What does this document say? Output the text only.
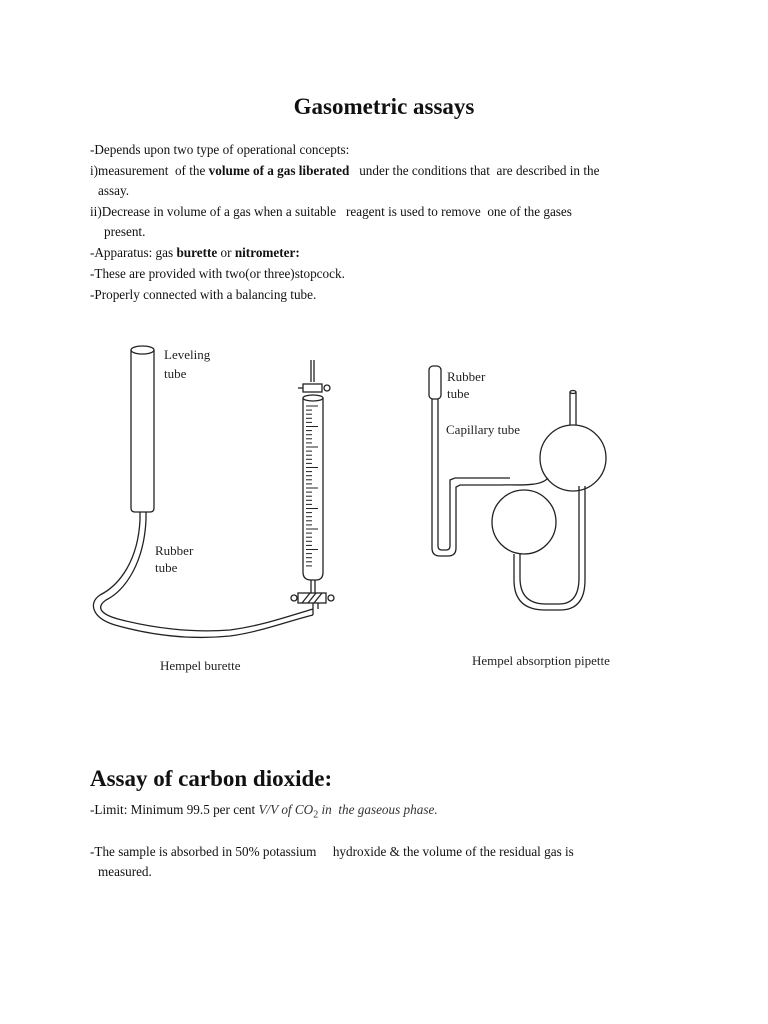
Gasometric assays

-Depends upon two type of operational concepts:

i)measurement  of the volume of a gas liberated   under the conditions that  are described in the

assay.

ii)Decrease in volume of a gas when a suitable   reagent is used to remove  one of the gases

present.

-Apparatus: gas burette or nitrometer:

-These are provided with two(or three)stopcock.

-Properly connected with a balancing tube.

Leveling
tube
Rubber
tube
Hempel burette
Rubber
tube
Capillary tube
Hempel absorption pipette
Assay of carbon dioxide:

-Limit: Minimum 99.5 per cent V/V of $CO_2$ in  the gaseous phase.

-The sample is absorbed in 50% potassium     hydroxide & the volume of the residual gas is

measured.
